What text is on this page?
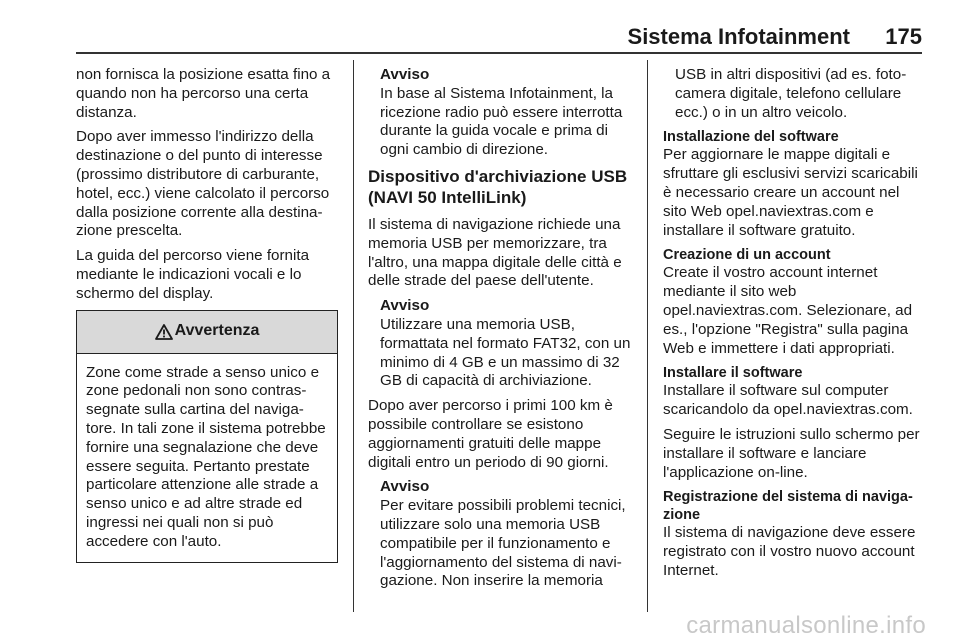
Sistema Infotainment 175

non fornisca la posizione esatta fino a quando non ha percorso una certa distanza.

Dopo aver immesso l'indirizzo della destinazione o del punto di interesse (prossimo distributore di carburante, hotel, ecc.) viene calcolato il percorso dalla posizione corrente alla destinazione prescelta.

La guida del percorso viene fornita mediante le indicazioni vocali e lo schermo del display.

Avvertenza
Zone come strade a senso unico e zone pedonali non sono contrassegnate sulla cartina del navigatore. In tali zone il sistema potrebbe fornire una segnalazione che deve essere seguita. Pertanto prestate particolare attenzione alle strade a senso unico e ad altre strade ed ingressi nei quali non si può accedere con l'auto.
Avviso
In base al Sistema Infotainment, la ricezione radio può essere interrotta durante la guida vocale e prima di ogni cambio di direzione.
Dispositivo d'archiviazione USB (NAVI 50 IntelliLink)

Il sistema di navigazione richiede una memoria USB per memorizzare, tra l'altro, una mappa digitale delle città e delle strade del paese dell'utente.

Avviso
Utilizzare una memoria USB, formattata nel formato FAT32, con un minimo di 4 GB e un massimo di 32 GB di capacità di archiviazione.

Dopo aver percorso i primi 100 km è possibile controllare se esistono aggiornamenti gratuiti delle mappe digitali entro un periodo di 90 giorni.

Avviso
Per evitare possibili problemi tecnici, utilizzare solo una memoria USB compatibile per il funzionamento e l'aggiornamento del sistema di navigazione. Non inserire la memoria

USB in altri dispositivi (ad es. fotocamera digitale, telefono cellulare ecc.) o in un altro veicolo.

Installazione del software
Per aggiornare le mappe digitali e sfruttare gli esclusivi servizi scaricabili è necessario creare un account nel sito Web opel.naviextras.com e installare il software gratuito.
Creazione di un account
Create il vostro account internet mediante il sito web opel.naviextras.com. Selezionare, ad es., l'opzione "Registra" sulla pagina Web e immettere i dati appropriati.
Installare il software
Installare il software sul computer scaricandolo da opel.naviextras.com.

Seguire le istruzioni sullo schermo per installare il software e lanciare l'applicazione on-line.

Registrazione del sistema di navigazione
Il sistema di navigazione deve essere registrato con il vostro nuovo account Internet.
carmanualsonline.info
